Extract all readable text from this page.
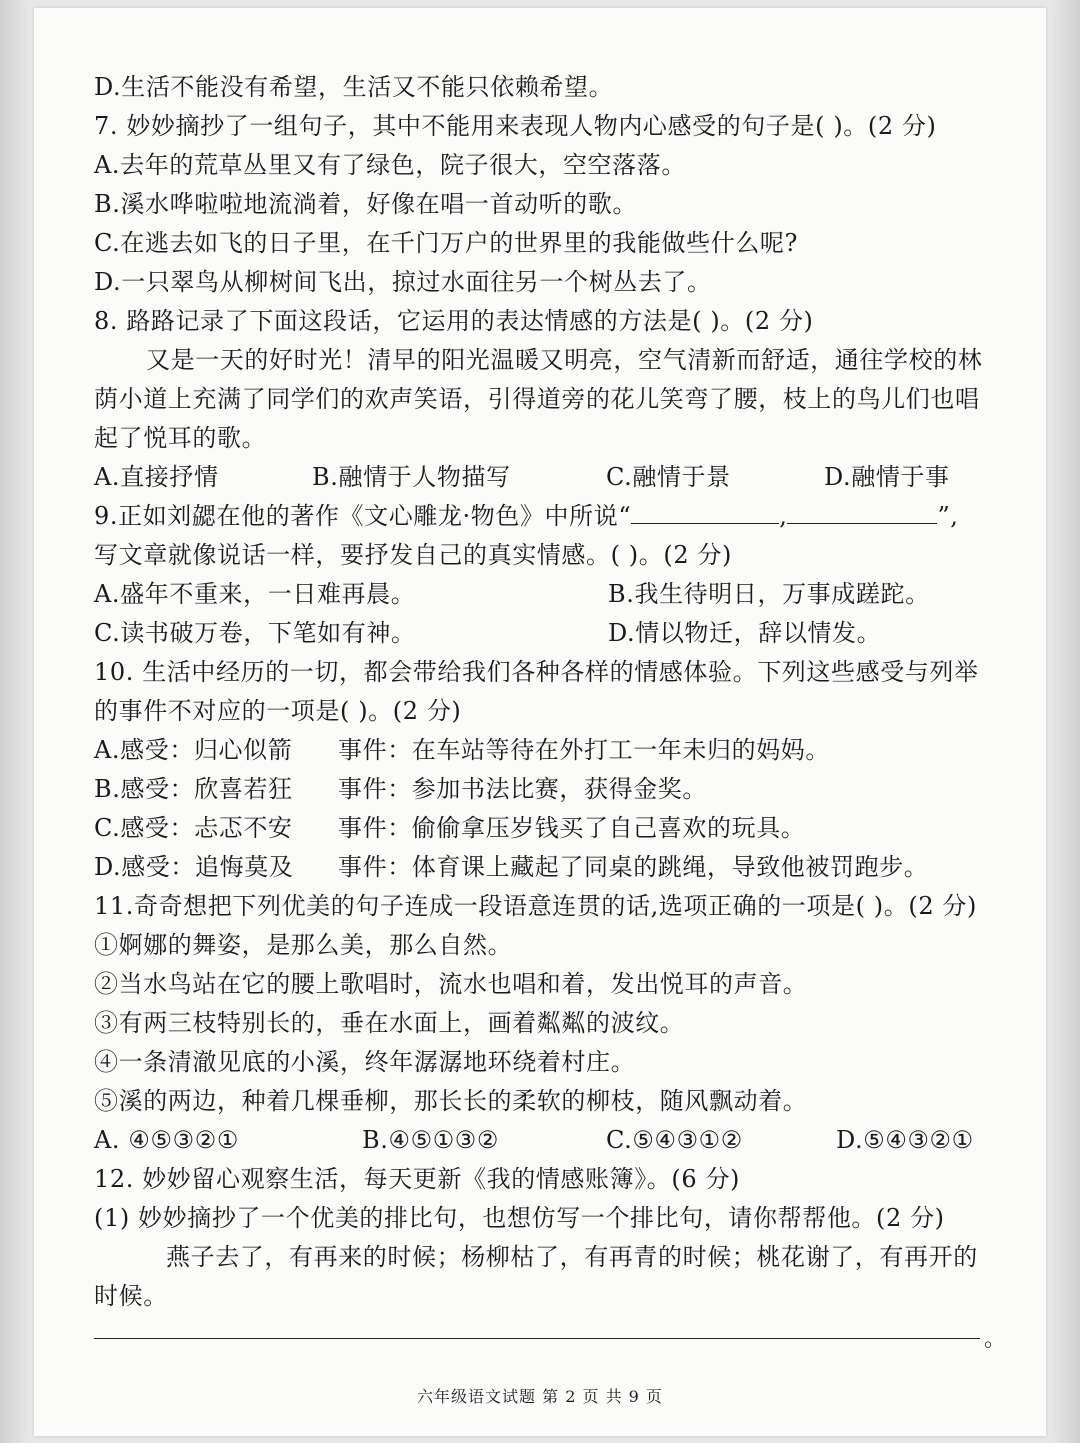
D.生活不能没有希望，生活又不能只依赖希望。
7. 妙妙摘抄了一组句子，其中不能用来表现人物内心感受的句子是( )。(2 分)
A.去年的荒草丛里又有了绿色，院子很大，空空落落。
B.溪水哗啦啦地流淌着，好像在唱一首动听的歌。
C.在逃去如飞的日子里，在千门万户的世界里的我能做些什么呢?
D.一只翠鸟从柳树间飞出，掠过水面往另一个树丛去了。
8. 路路记录了下面这段话，它运用的表达情感的方法是( )。(2 分)
又是一天的好时光！清早的阳光温暖又明亮，空气清新而舒适，通往学校的林
荫小道上充满了同学们的欢声笑语，引得道旁的花儿笑弯了腰，枝上的鸟儿们也唱
起了悦耳的歌。
A.直接抒情	B.融情于人物描写	C.融情于景	D.融情于事
9.正如刘勰在他的著作《文心雕龙·物色》中所说“	,	”,
写文章就像说话一样，要抒发自己的真实情感。( )。(2 分)
A.盛年不重来，一日难再晨。	B.我生待明日，万事成蹉跎。
C.读书破万卷，下笔如有神。	D.情以物迁，辞以情发。
10. 生活中经历的一切，都会带给我们各种各样的情感体验。下列这些感受与列举
的事件不对应的一项是( )。(2 分)
A.感受：归心似箭 事件：在车站等待在外打工一年未归的妈妈。
B.感受：欣喜若狂 事件：参加书法比赛，获得金奖。
C.感受：忐忑不安 事件：偷偷拿压岁钱买了自己喜欢的玩具。
D.感受：追悔莫及 事件：体育课上藏起了同桌的跳绳，导致他被罚跑步。
11.奇奇想把下列优美的句子连成一段语意连贯的话,选项正确的一项是( )。(2 分)
①婀娜的舞姿，是那么美，那么自然。
②当水鸟站在它的腰上歌唱时，流水也唱和着，发出悦耳的声音。
③有两三枝特别长的，垂在水面上，画着粼粼的波纹。
④一条清澈见底的小溪，终年潺潺地环绕着村庄。
⑤溪的两边，种着几棵垂柳，那长长的柔软的柳枝，随风飘动着。
A. ④⑤③②①	B.④⑤①③②	C.⑤④③①②	D.⑤④③②①
12. 妙妙留心观察生活，每天更新《我的情感账簿》。(6 分)
(1) 妙妙摘抄了一个优美的排比句，也想仿写一个排比句，请你帮帮他。(2 分)
燕子去了，有再来的时候；杨柳枯了，有再青的时候；桃花谢了，有再开的
时候。
。
六年级语文试题 第 2 页 共 9 页
